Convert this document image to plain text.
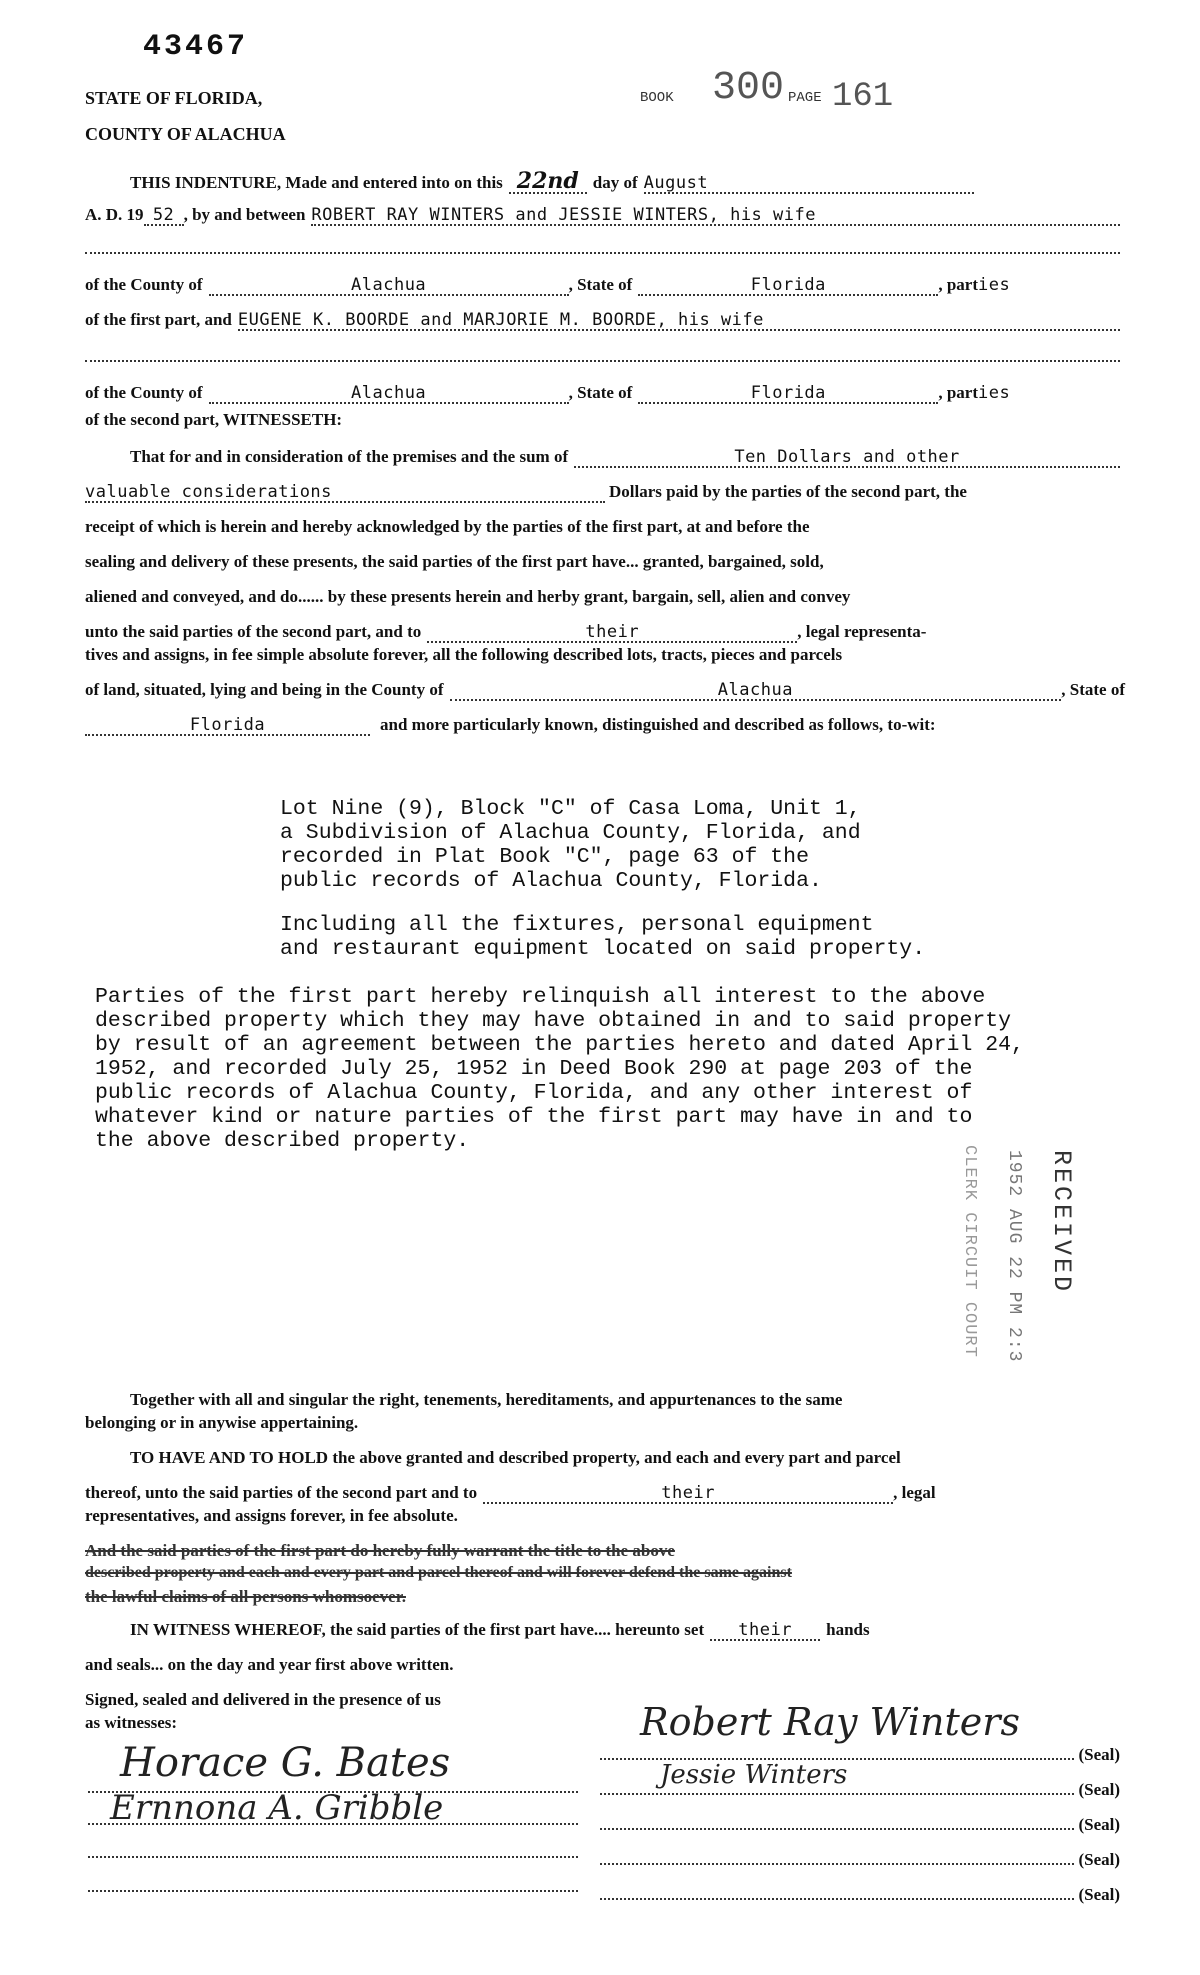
43467
STATE OF FLORIDA,
COUNTY OF ALACHUA
BOOK 300 PAGE 161
THIS INDENTURE, Made and entered into on this 22nd day of August
A. D. 19 52 , by and between ROBERT RAY WINTERS and JESSIE WINTERS, his wife
of the County of	Alachua	, State of	Florida	, part ies
of the first part, and EUGENE K. BOORDE and MARJORIE M. BOORDE, his wife
of the County of	Alachua	, State of	Florida	, part ies
of the second part, WITNESSETH:
That for and in consideration of the premises and the sum of	Ten Dollars and other
valuable considerations	Dollars paid by the parties of the second part, the
receipt of which is herein and hereby acknowledged by the parties of the first part, at and before the
sealing and delivery of these presents, the said parties of the first part have... granted, bargained, sold,
aliened and conveyed, and do...... by these presents herein and herby grant, bargain, sell, alien and convey
unto the said parties of the second part, and to	their	, legal representa-
tives and assigns, in fee simple absolute forever, all the following described lots, tracts, pieces and parcels
of land, situated, lying and being in the County of	Alachua	, State of
Florida	and more particularly known, distinguished and described as follows, to-wit:
Lot Nine (9), Block "C" of Casa Loma, Unit 1,
a Subdivision of Alachua County, Florida, and
recorded in Plat Book "C", page 63 of the
public records of Alachua County, Florida.
Including all the fixtures, personal equipment
and restaurant equipment located on said property.
Parties of the first part hereby relinquish all interest to the above
described property which they may have obtained in and to said property
by result of an agreement between the parties hereto and dated April 24,
1952, and recorded July 25, 1952 in Deed Book 290 at page 203 of the
public records of Alachua County, Florida, and any other interest of
whatever kind or nature parties of the first part may have in and to
the above described property.
RECEIVED
1952 AUG 22 PM 2:3
CLERK CIRCUIT COURT
Together with all and singular the right, tenements, hereditaments, and appurtenances to the same
belonging or in anywise appertaining.
TO HAVE AND TO HOLD the above granted and described property, and each and every part and parcel
thereof, unto the said parties of the second part and to	their	, legal
representatives, and assigns forever, in fee absolute.
And the said parties of the first part do hereby fully warrant the title to the above
described property and each and every part and parcel thereof and will forever defend the same against
the lawful claims of all persons whomsoever.
IN WITNESS WHEREOF, the said parties of the first part have.... hereunto set	their	hands
and seals... on the day and year first above written.
Signed, sealed and delivered in the presence of us
as witnesses:
Horace G. Bates
Ernnona A. Gribble
Robert Ray Winters
Jessie Winters
(Seal)
(Seal)
(Seal)
(Seal)
(Seal)
